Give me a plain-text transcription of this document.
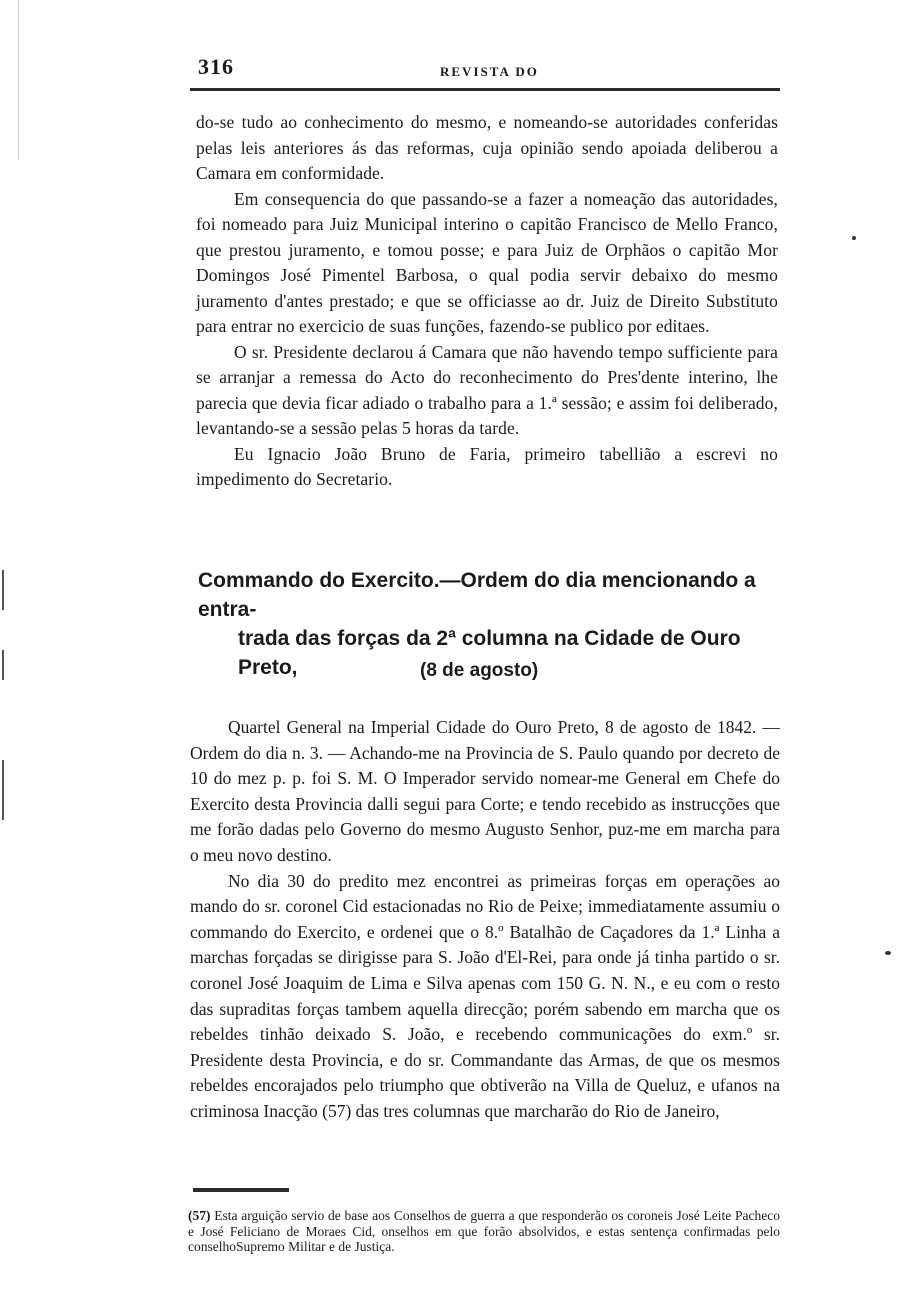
316	REVISTA DO

do-se tudo ao conhecimento do mesmo, e nomeando-se autoridades conferidas pelas leis anteriores ás das reformas, cuja opinião sendo apoiada deliberou a Camara em conformidade.

Em consequencia do que passando-se a fazer a nomeação das autoridades, foi nomeado para Juiz Municipal interino o capitão Francisco de Mello Franco, que prestou juramento, e tomou posse; e para Juiz de Orphãos o capitão Mor Domingos José Pimentel Barbosa, o qual podia servir debaixo do mesmo juramento d'antes prestado; e que se officiasse ao dr. Juiz de Direito Substituto para entrar no exercicio de suas funções, fazendo-se publico por editaes.

O sr. Presidente declarou á Camara que não havendo tempo sufficiente para se arranjar a remessa do Acto do reconhecimento do Pres'dente interino, lhe parecia que devia ficar adiado o trabalho para a 1.ª sessão; e assim foi deliberado, levantando-se a sessão pelas 5 horas da tarde.

Eu Ignacio João Bruno de Faria, primeiro tabellião a escrevi no impedimento do Secretario.

Commando do Exercito.—Ordem do dia mencionando a entra-
trada das forças da 2ª columna na Cidade de Ouro Preto,	(8 de agosto)

Quartel General na Imperial Cidade do Ouro Preto, 8 de agosto de 1842. — Ordem do dia n. 3. — Achando-me na Provincia de S. Paulo quando por decreto de 10 do mez p. p. foi S. M. O Imperador servido nomear-me General em Chefe do Exercito desta Provincia dalli segui para Corte; e tendo recebido as instrucções que me forão dadas pelo Governo do mesmo Augusto Senhor, puz-me em marcha para o meu novo destino.

No dia 30 do predito mez encontrei as primeiras forças em operações ao mando do sr. coronel Cid estacionadas no Rio de Peixe; immediatamente assumiu o commando do Exercito, e ordenei que o 8.º Batalhão de Caçadores da 1.ª Linha a marchas forçadas se dirigisse para S. João d'El-Rei, para onde já tinha partido o sr. coronel José Joaquim de Lima e Silva apenas com 150 G. N. N., e eu com o resto das supraditas forças tambem aquella direcção; porém sabendo em marcha que os rebeldes tinhão deixado S. João, e recebendo communicações do exm.º sr. Presidente desta Provincia, e do sr. Commandante das Armas, de que os mesmos rebeldes encorajados pelo triumpho que obtiverão na Villa de Queluz, e ufanos na criminosa Inacção (57) das tres columnas que marcharão do Rio de Janeiro,

(57) Esta arguição servio de base aos Conselhos de guerra a que responderão os coroneis José Leite Pacheco e José Feliciano de Moraes Cid, onselhos em que forão absolvidos, e estas sentença confirmadas pelo conselhoSupremo Militar e de Justiça.
